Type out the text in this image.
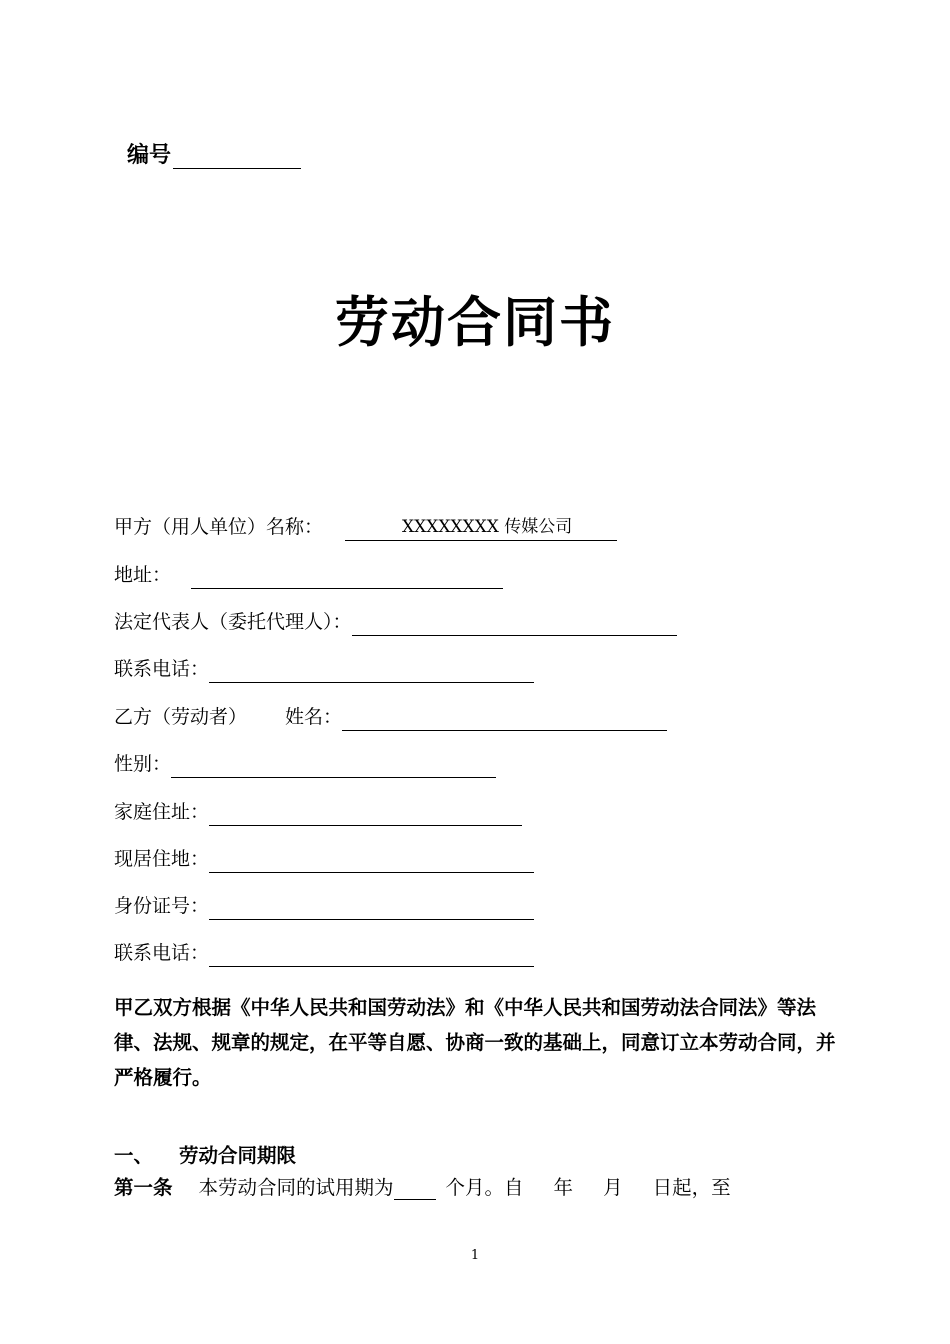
编号
劳动合同书
甲方（用人单位）名称：	XXXXXXXX 传媒公司
地址：
法定代表人（委托代理人）：
联系电话：
乙方（劳动者） 姓名：
性别：
家庭住址：
现居住地：
身份证号：
联系电话：
甲乙双方根据《中华人民共和国劳动法》和《中华人民共和国劳动法合同法》等法律、法规、规章的规定，在平等自愿、协商一致的基础上，同意订立本劳动合同，并严格履行。
一、 劳动合同期限
第一条 本劳动合同的试用期为	个月。自 年 月 日起，至
1
